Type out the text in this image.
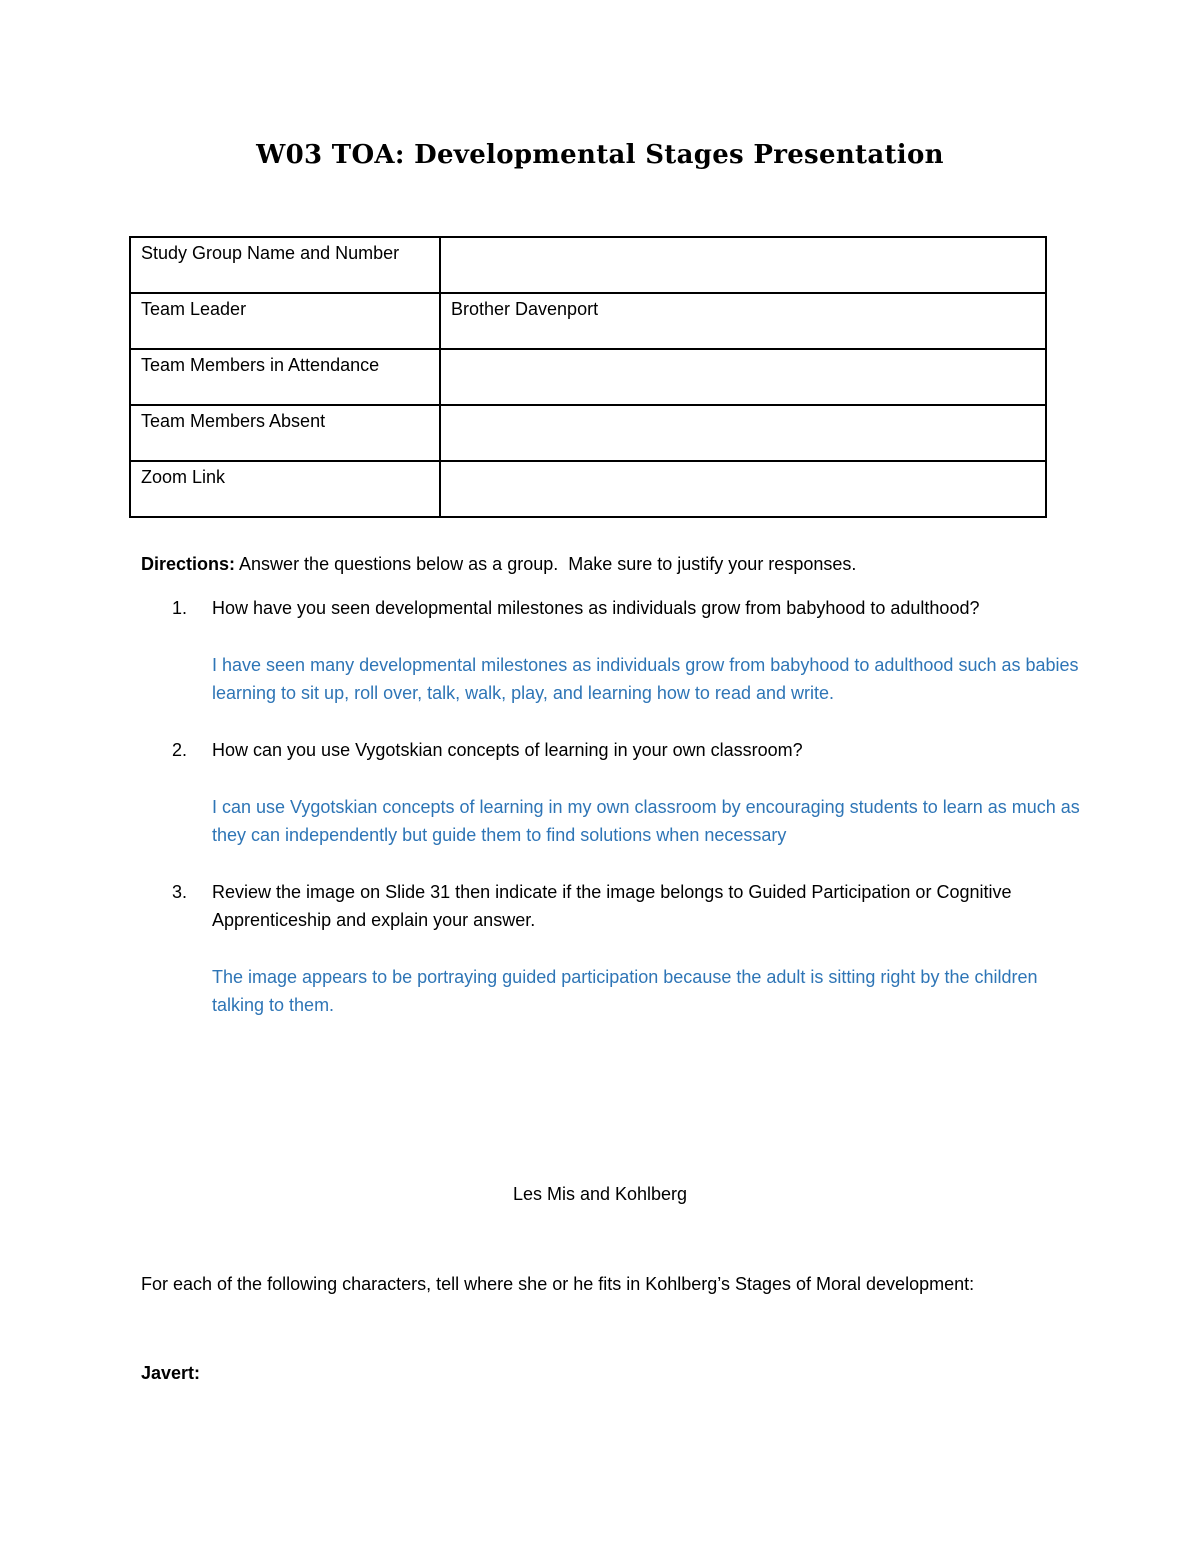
W03 TOA: Developmental Stages Presentation
Study Group Name and Number	
Team Leader	Brother Davenport
Team Members in Attendance	
Team Members Absent	
Zoom Link	
Directions: Answer the questions below as a group.  Make sure to justify your responses.
1. How have you seen developmental milestones as individuals grow from babyhood to adulthood?
I have seen many developmental milestones as individuals grow from babyhood to adulthood such as babies learning to sit up, roll over, talk, walk, play, and learning how to read and write.
2. How can you use Vygotskian concepts of learning in your own classroom?
I can use Vygotskian concepts of learning in my own classroom by encouraging students to learn as much as they can independently but guide them to find solutions when necessary
3. Review the image on Slide 31 then indicate if the image belongs to Guided Participation or Cognitive Apprenticeship and explain your answer.
The image appears to be portraying guided participation because the adult is sitting right by the children talking to them.
Les Mis and Kohlberg
For each of the following characters, tell where she or he fits in Kohlberg’s Stages of Moral development:
Javert:
